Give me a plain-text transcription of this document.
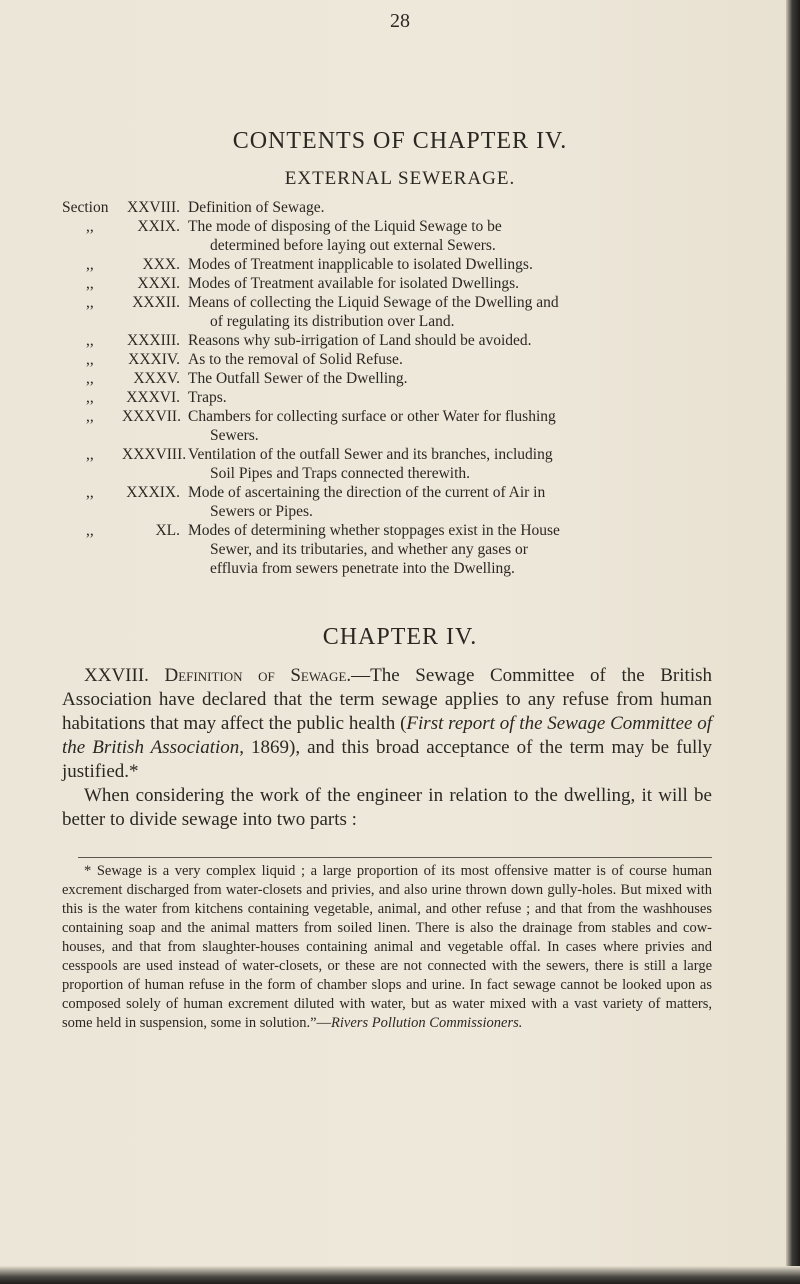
28
CONTENTS OF CHAPTER IV.
EXTERNAL SEWERAGE.
Section	XXVIII. Definition of Sewage.
,,	XXIX. The mode of disposing of the Liquid Sewage to be
determined before laying out external Sewers.
,,	XXX. Modes of Treatment inapplicable to isolated Dwellings.
,,	XXXI. Modes of Treatment available for isolated Dwellings.
,,	XXXII. Means of collecting the Liquid Sewage of the Dwelling and
of regulating its distribution over Land.
,,	XXXIII. Reasons why sub-irrigation of Land should be avoided.
,,	XXXIV. As to the removal of Solid Refuse.
,,	XXXV. The Outfall Sewer of the Dwelling.
,,	XXXVI. Traps.
,,	XXXVII. Chambers for collecting surface or other Water for flushing
Sewers.
,,	XXXVIII. Ventilation of the outfall Sewer and its branches, including
Soil Pipes and Traps connected therewith.
,,	XXXIX. Mode of ascertaining the direction of the current of Air in
Sewers or Pipes.
,,	XL. Modes of determining whether stoppages exist in the House
Sewer, and its tributaries, and whether any gases or
effluvia from sewers penetrate into the Dwelling.
CHAPTER IV.

XXVIII. Definition of Sewage.—The Sewage Committee of the British Association have declared that the term sewage applies to any refuse from human habitations that may affect the public health (First report of the Sewage Committee of the British Association, 1869), and this broad acceptance of the term may be fully justified.*

When considering the work of the engineer in relation to the dwelling, it will be better to divide sewage into two parts :

* Sewage is a very complex liquid ; a large proportion of its most offensive matter is of course human excrement discharged from water-closets and privies, and also urine thrown down gully-holes. But mixed with this is the water from kitchens containing vegetable, animal, and other refuse ; and that from the washhouses containing soap and the animal matters from soiled linen. There is also the drainage from stables and cow-houses, and that from slaughter-houses containing animal and vegetable offal. In cases where privies and cesspools are used instead of water-closets, or these are not connected with the sewers, there is still a large proportion of human refuse in the form of chamber slops and urine. In fact sewage cannot be looked upon as composed solely of human excrement diluted with water, but as water mixed with a vast variety of matters, some held in suspension, some in solution.”—Rivers Pollution Commissioners.
